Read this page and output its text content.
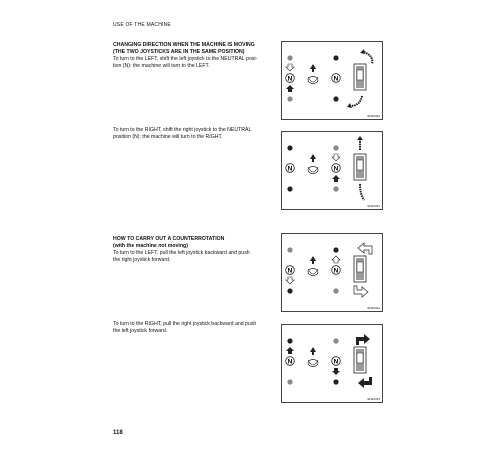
USE OF THE MACHINE
CHANGING DIRECTION WHEN THE MACHINE IS MOVING
(THE TWO JOYSTICKS ARE IN THE SAME POSITION)
To turn to the LEFT, shift the left joystick to the NEUTRAL posi-
tion (N): the machine will turn to the LEFT.
To turn to the RIGHT, shift the right joystick to the NEUTRAL
position (N): the machine will turn to the RIGHT.
HOW TO CARRY OUT A COUNTERROTATION
(with the machine not moving)
To turn to the LEFT, pull the left joystick backward and push
the right joystick forward.
To turn to the RIGHT, pull the right joystick backward and push
the left joystick forward.
N	N
EN02320
N	N
EN02321
N	N
EN02322
N	N
EN02323
118
